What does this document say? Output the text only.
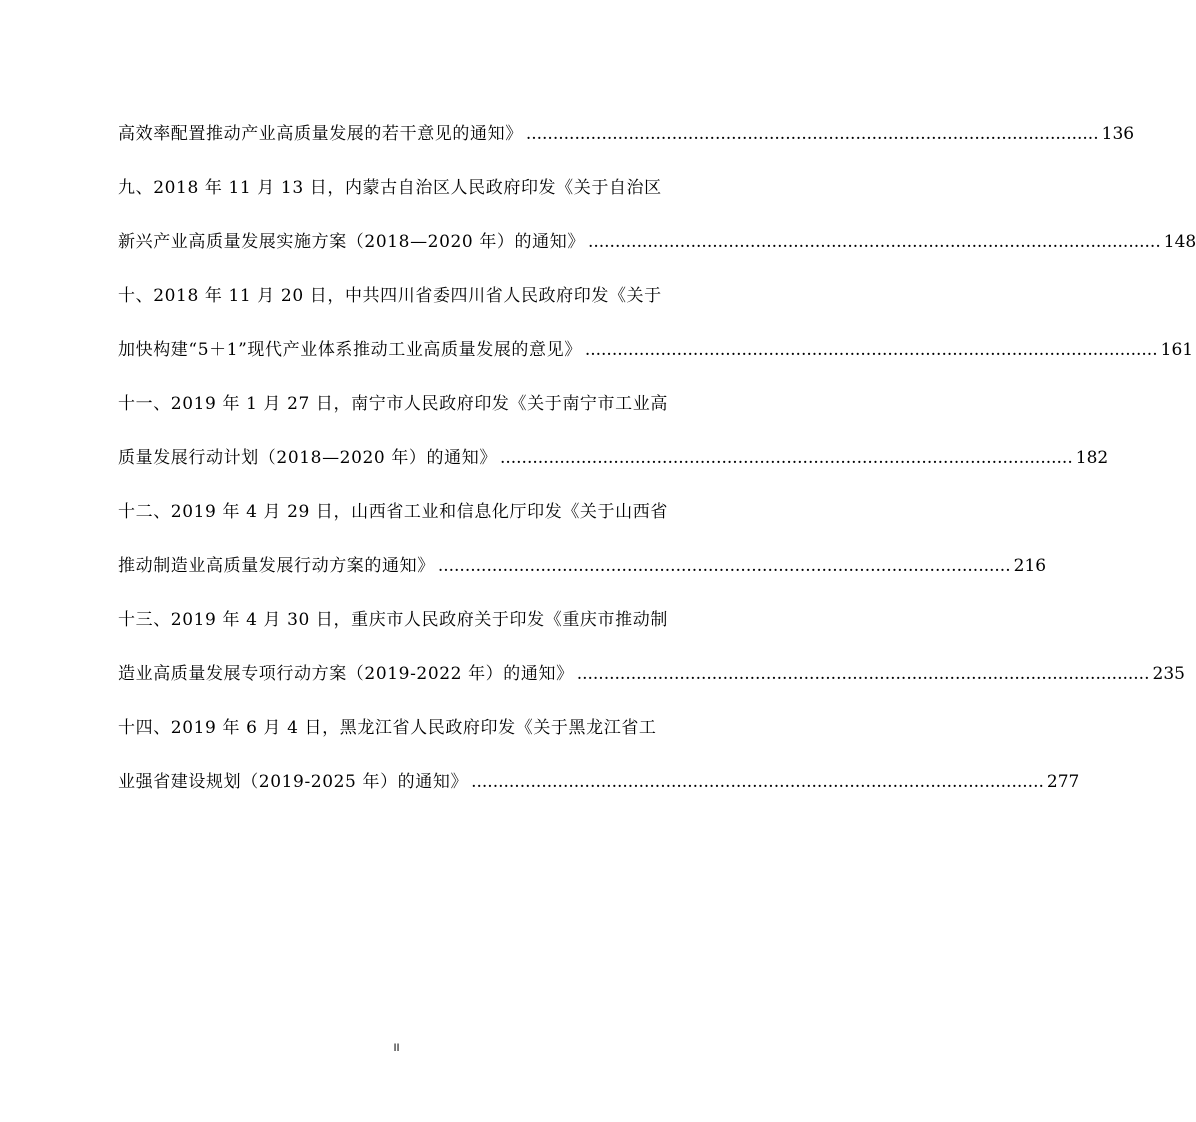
高效率配置推动产业高质量发展的若干意见的通知》 .......................................................................................................... 136
九、2018 年 11 月 13 日，内蒙古自治区人民政府印发《关于自治区
新兴产业高质量发展实施方案（2018—2020 年）的通知》 .......................................................................................................... 148
十、2018 年 11 月 20 日，中共四川省委四川省人民政府印发《关于
加快构建“5＋1”现代产业体系推动工业高质量发展的意见》 .......................................................................................................... 161
十一、2019 年 1 月 27 日，南宁市人民政府印发《关于南宁市工业高
质量发展行动计划（2018—2020 年）的通知》 .......................................................................................................... 182
十二、2019 年 4 月 29 日，山西省工业和信息化厅印发《关于山西省
推动制造业高质量发展行动方案的通知》 .......................................................................................................... 216
十三、2019 年 4 月 30 日，重庆市人民政府关于印发《重庆市推动制
造业高质量发展专项行动方案（2019-2022 年）的通知》 .......................................................................................................... 235
十四、2019 年 6 月 4 日，黑龙江省人民政府印发《关于黑龙江省工
业强省建设规划（2019-2025 年）的通知》 .......................................................................................................... 277
II
